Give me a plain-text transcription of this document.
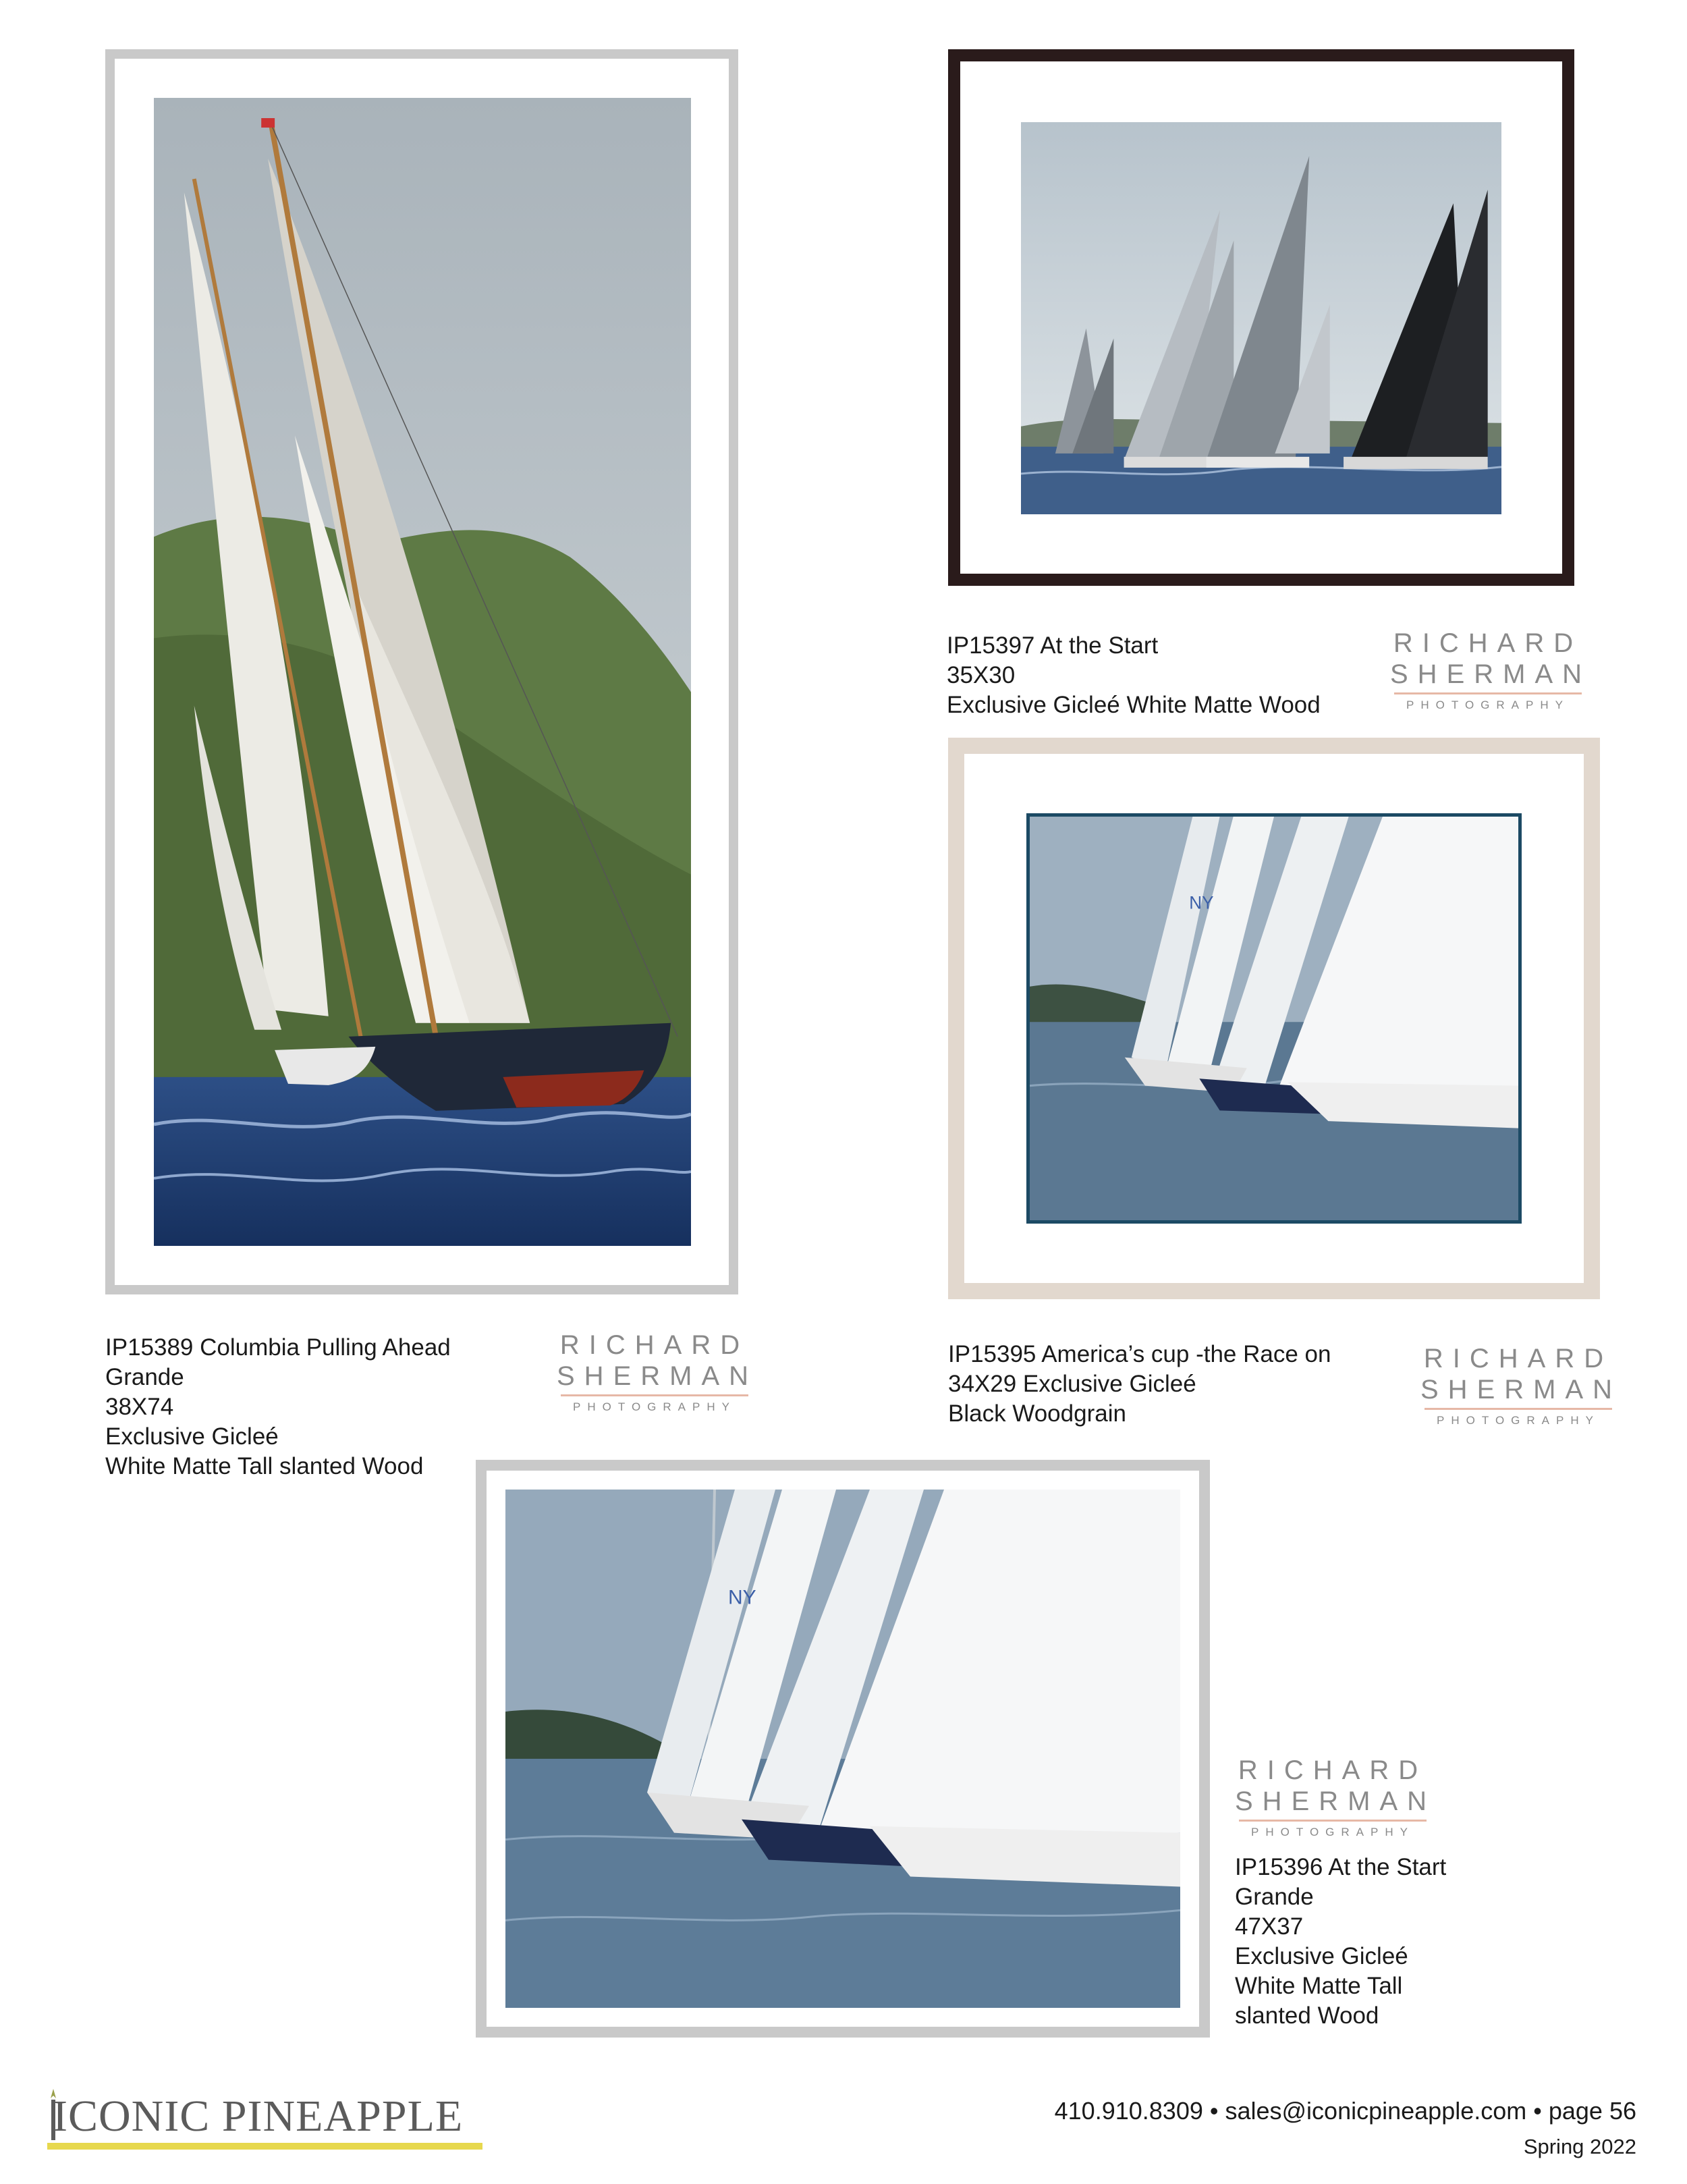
IP15397 At the Start
35X30
Exclusive Gicleé White Matte Wood
RICHARD
SHERMAN
PHOTOGRAPHY
NY
IP15389 Columbia Pulling Ahead
Grande
38X74
Exclusive Gicleé
White Matte Tall slanted Wood
RICHARD
SHERMAN
PHOTOGRAPHY
IP15395 America’s cup -the Race on
34X29 Exclusive Gicleé
Black Woodgrain
RICHARD
SHERMAN
PHOTOGRAPHY
NY
RICHARD
SHERMAN
PHOTOGRAPHY
IP15396 At the Start
Grande
47X37
Exclusive Gicleé
White Matte Tall
slanted Wood
ICONIC PINEAPPLE	410.910.8309 • sales@iconicpineapple.com • page 56
Spring 2022
